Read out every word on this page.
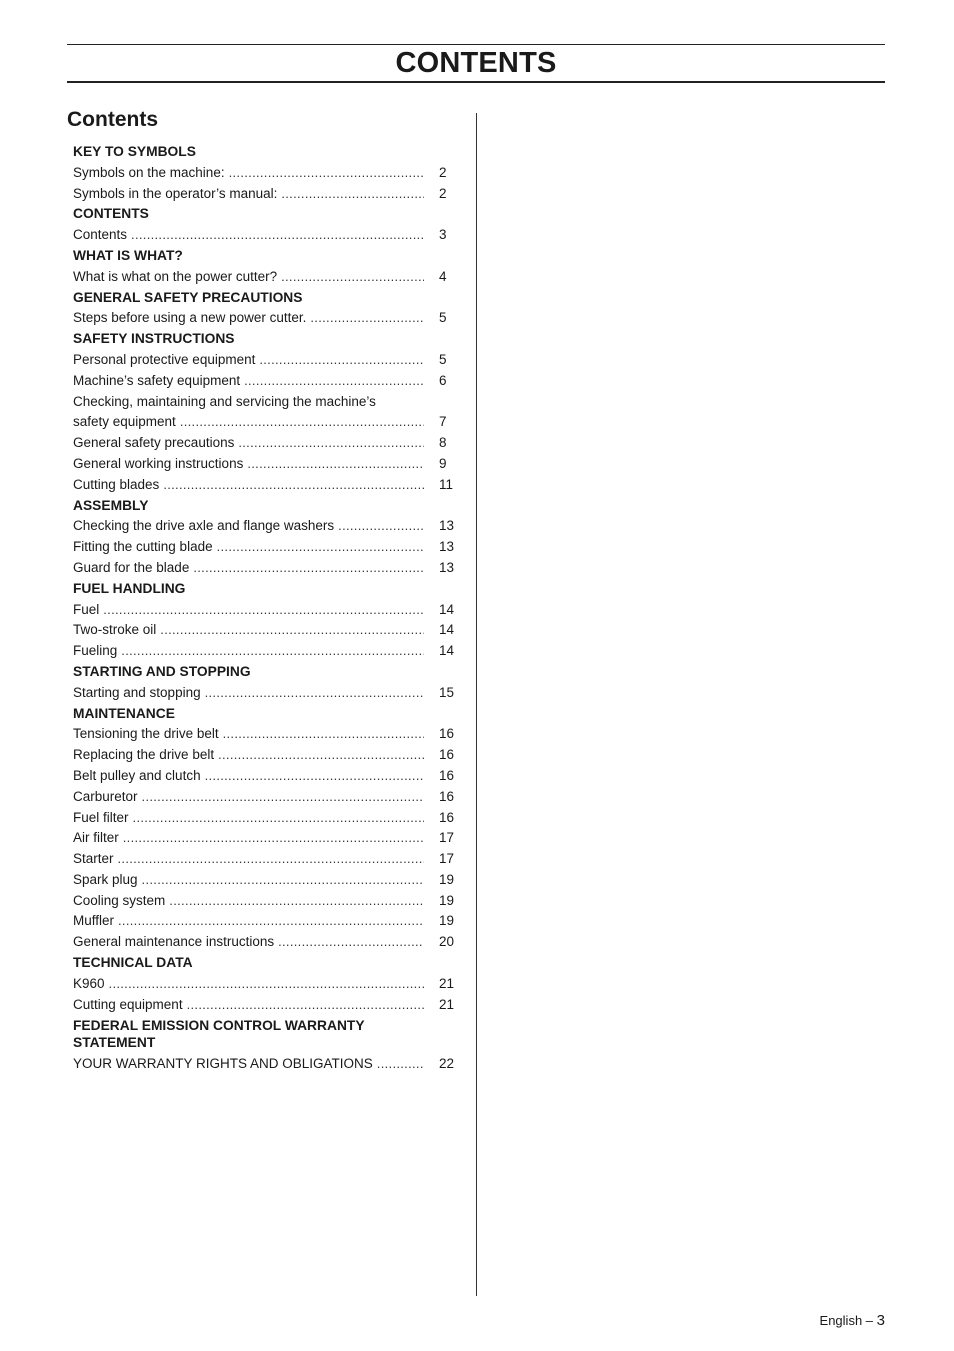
CONTENTS
Contents
KEY TO SYMBOLS
Symbols on the machine: .....	2
Symbols in the operator’s manual: .....	2
CONTENTS
Contents .....	3
WHAT IS WHAT?
What is what on the power cutter? .....	4
GENERAL SAFETY PRECAUTIONS
Steps before using a new power cutter. .....	5
SAFETY INSTRUCTIONS
Personal protective equipment .....	5
Machine’s safety equipment .....	6
Checking, maintaining and servicing the machine’s
safety equipment .....	7
General safety precautions .....	8
General working instructions .....	9
Cutting blades .....	11
ASSEMBLY
Checking the drive axle and flange washers .....	13
Fitting the cutting blade .....	13
Guard for the blade .....	13
FUEL HANDLING
Fuel .....	14
Two-stroke oil .....	14
Fueling .....	14
STARTING AND STOPPING
Starting and stopping .....	15
MAINTENANCE
Tensioning the drive belt .....	16
Replacing the drive belt .....	16
Belt pulley and clutch .....	16
Carburetor .....	16
Fuel filter .....	16
Air filter .....	17
Starter .....	17
Spark plug .....	19
Cooling system .....	19
Muffler .....	19
General maintenance instructions .....	20
TECHNICAL DATA
K960 .....	21
Cutting equipment .....	21
FEDERAL EMISSION CONTROL WARRANTY STATEMENT
YOUR WARRANTY RIGHTS AND OBLIGATIONS .....	22
English – 3
